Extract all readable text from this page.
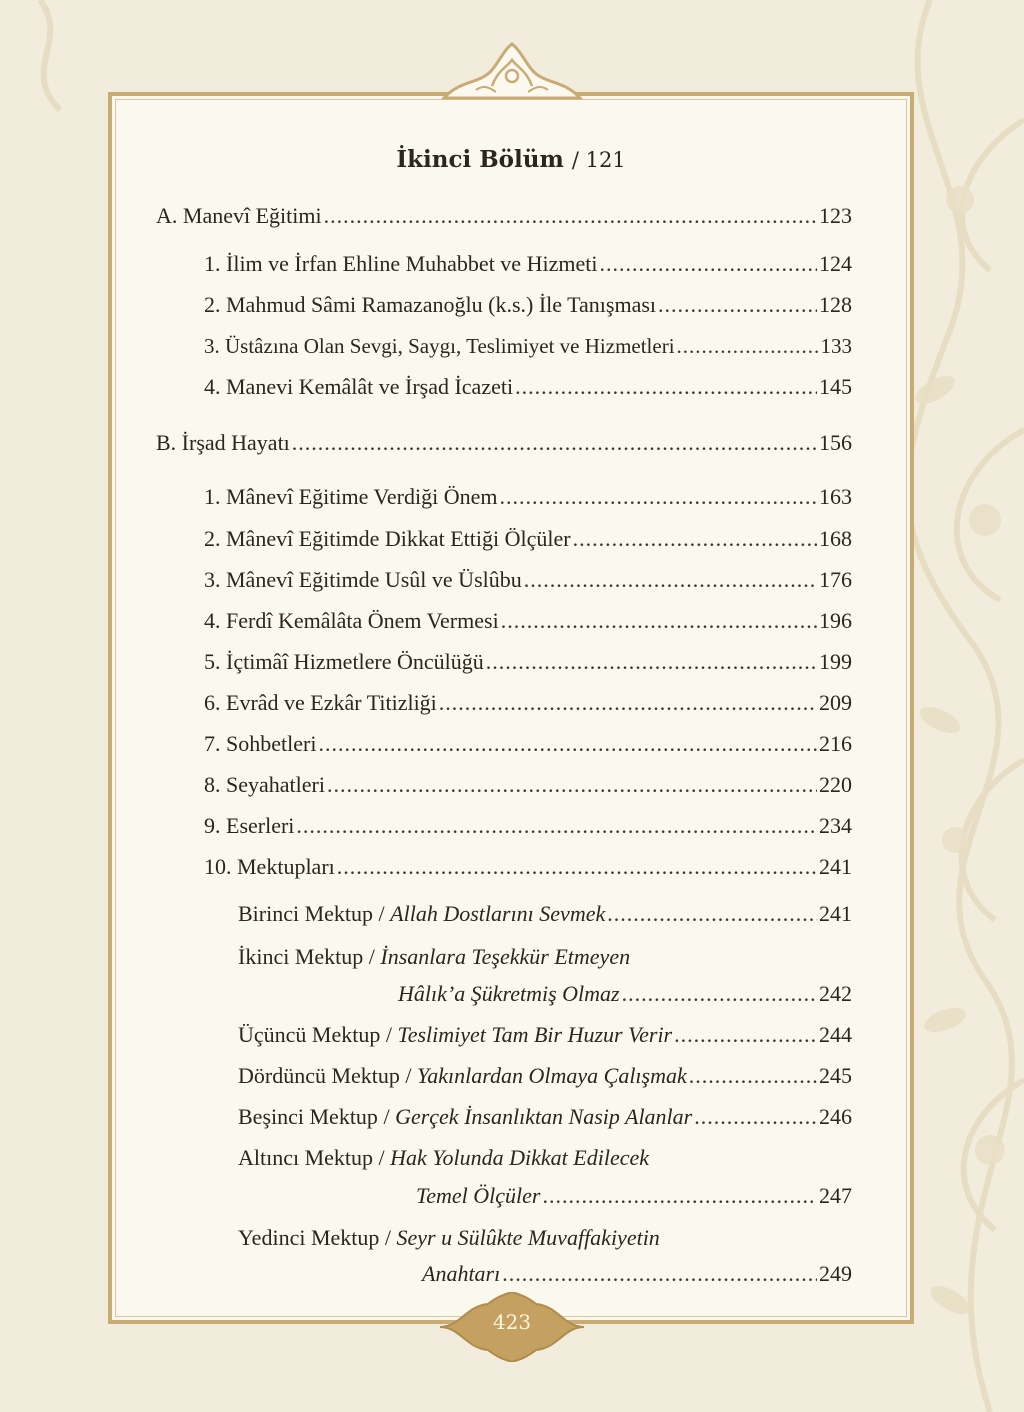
423
İkinci Bölüm / 121
A. Manevî Eğitimi .....	123
1. İlim ve İrfan Ehline Muhabbet ve Hizmeti .....	124
2. Mahmud Sâmi Ramazanoğlu (k.s.) İle Tanışması .....	128
3. Üstâzına Olan Sevgi, Saygı, Teslimiyet ve Hizmetleri .....	133
4. Manevi Kemâlât ve İrşad İcazeti .....	145
B. İrşad Hayatı .....	156
1. Mânevî Eğitime Verdiği Önem .....	163
2. Mânevî Eğitimde Dikkat Ettiği Ölçüler .....	168
3. Mânevî Eğitimde Usûl ve Üslûbu .....	176
4. Ferdî Kemâlâta Önem Vermesi .....	196
5. İçtimâî Hizmetlere Öncülüğü .....	199
6. Evrâd ve Ezkâr Titizliği .....	209
7. Sohbetleri .....	216
8. Seyahatleri .....	220
9. Eserleri .....	234
10. Mektupları .....	241
Birinci Mektup / Allah Dostlarını Sevmek .....	241
İkinci Mektup / İnsanlara Teşekkür Etmeyen
Hâlık’a Şükretmiş Olmaz .....	242
Üçüncü Mektup / Teslimiyet Tam Bir Huzur Verir .....	244
Dördüncü Mektup / Yakınlardan Olmaya Çalışmak .....	245
Beşinci Mektup / Gerçek İnsanlıktan Nasip Alanlar .....	246
Altıncı Mektup / Hak Yolunda Dikkat Edilecek
Temel Ölçüler .....	247
Yedinci Mektup / Seyr u Sülûkte Muvaffakiyetin
Anahtarı .....	249
